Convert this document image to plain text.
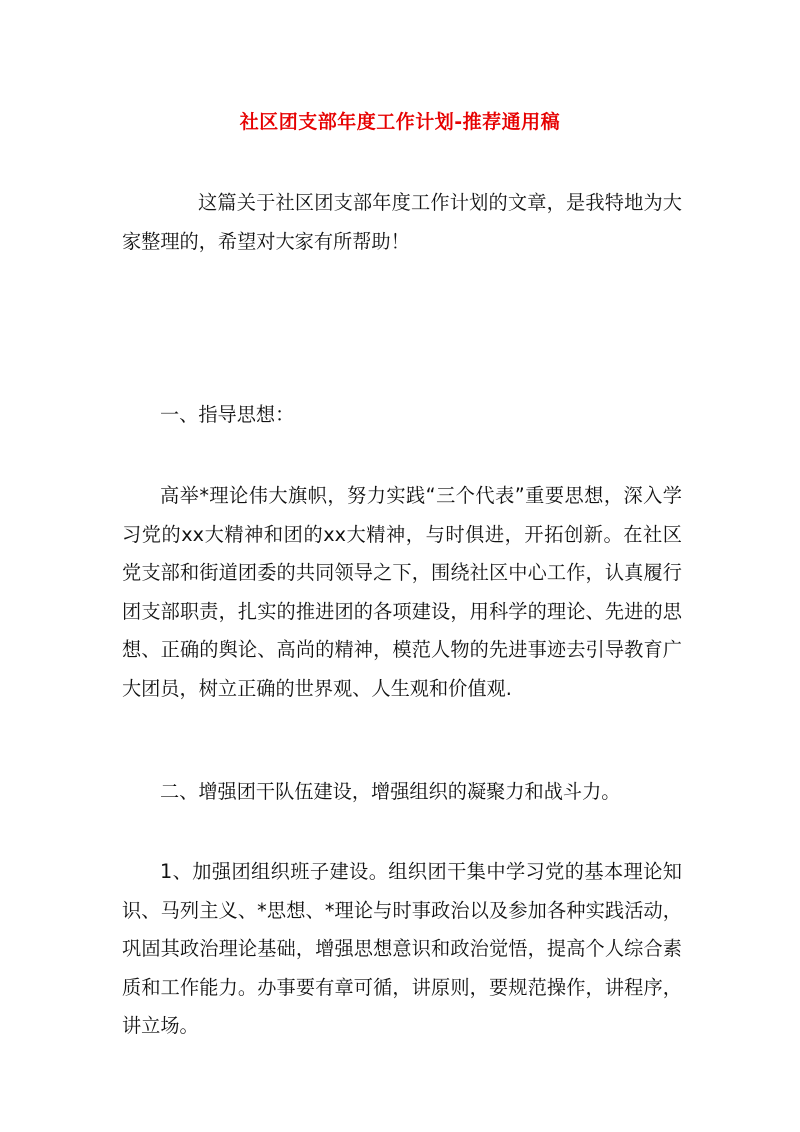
社区团支部年度工作计划-推荐通用稿

这篇关于社区团支部年度工作计划的文章，是我特地为大家整理的，希望对大家有所帮助！

一、指导思想：

高举*理论伟大旗帜，努力实践“三个代表”重要思想，深入学习党的xx大精神和团的xx大精神，与时俱进，开拓创新。在社区党支部和街道团委的共同领导之下，围绕社区中心工作，认真履行团支部职责，扎实的推进团的各项建设，用科学的理论、先进的思想、正确的舆论、高尚的精神，模范人物的先进事迹去引导教育广大团员，树立正确的世界观、人生观和价值观.

二、增强团干队伍建设，增强组织的凝聚力和战斗力。

1、加强团组织班子建设。组织团干集中学习党的基本理论知识、马列主义、*思想、*理论与时事政治以及参加各种实践活动，巩固其政治理论基础，增强思想意识和政治觉悟，提高个人综合素质和工作能力。办事要有章可循，讲原则，要规范操作，讲程序，讲立场。
